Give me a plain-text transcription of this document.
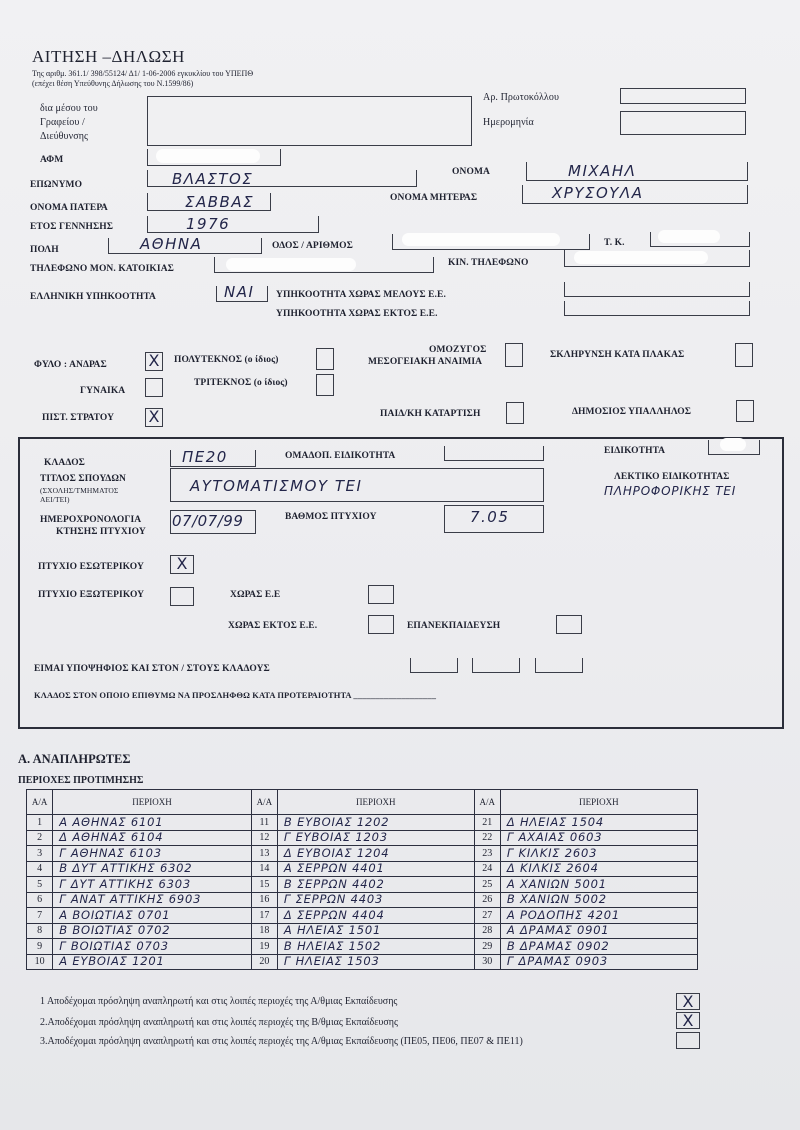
ΑΙΤΗΣΗ –ΔΗΛΩΣΗ
Της αριθμ. 361.1/ 398/55124/ Δ1/ 1-06-2006 εγκυκλίου του ΥΠΕΠΘ
(επέχει θέση Υπεύθυνης Δήλωσης του Ν.1599/86)
δια μέσου του
Γραφείου /
Διεύθυνσης
Αρ. Πρωτοκόλλου
Ημερομηνία
ΑΦΜ
ΕΠΩΝΥΜΟ	ΒΛΑΣΤΟΣ	ΟΝΟΜΑ	ΜΙΧΑΗΛ
ΟΝΟΜΑ ΠΑΤΕΡΑ	ΣΑΒΒΑΣ	ΟΝΟΜΑ ΜΗΤΕΡΑΣ	ΧΡΥΣΟΥΛΑ
ΕΤΟΣ ΓΕΝΝΗΣΗΣ	1976
ΠΟΛΗ	ΑΘΗΝΑ	ΟΔΟΣ / ΑΡΙΘΜΟΣ	Τ. Κ.
ΤΗΛΕΦΩΝΟ ΜΟΝ. ΚΑΤΟΙΚΙΑΣ
ΚΙΝ. ΤΗΛΕΦΩΝΟ
ΕΛΛΗΝΙΚΗ ΥΠΗΚΟΟΤΗΤΑ	ΝΑΙ ΥΠΗΚΟΟΤΗΤΑ ΧΩΡΑΣ ΜΕΛΟΥΣ Ε.Ε.
ΥΠΗΚΟΟΤΗΤΑ ΧΩΡΑΣ ΕΚΤΟΣ Ε.Ε.
ΦΥΛΟ : ΑΝΔΡΑΣ	X
ΓΥΝΑΙΚΑ
ΠΙΣΤ. ΣΤΡΑΤΟΥ X
ΠΟΛΥΤΕΚΝΟΣ (ο ίδιος)
ΤΡΙΤΕΚΝΟΣ (ο ίδιος)
ΟΜΟΖΥΓΟΣ
ΜΕΣΟΓΕΙΑΚΗ ΑΝΑΙΜΙΑ
ΣΚΛΗΡΥΝΣΗ ΚΑΤΑ ΠΛΑΚΑΣ
ΠΑΙΔ/ΚΗ ΚΑΤΑΡΤΙΣΗ	ΔΗΜΟΣΙΟΣ ΥΠΑΛΛΗΛΟΣ
ΚΛΑΔΟΣ	ΠΕ20	ΟΜΑΔΟΠ. ΕΙΔΙΚΟΤΗΤΑ	ΕΙΔΙΚΟΤΗΤΑ
ΤΙΤΛΟΣ ΣΠΟΥΔΩΝ
(ΣΧΟΛΗΣ/ΤΜΗΜΑΤΟΣ
ΑΕΙ/ΤΕΙ)
ΑΥΤΟΜΑΤΙΣΜΟΥ ΤΕΙ	ΛΕΚΤΙΚΟ ΕΙΔΙΚΟΤΗΤΑΣ
ΠΛΗΡΟΦΟΡΙΚΗΣ ΤΕΙ
ΗΜΕΡΟΧΡΟΝΟΛΟΓΙΑ
ΚΤΗΣΗΣ ΠΤΥΧΙΟΥ
07/07/99	ΒΑΘΜΟΣ ΠΤΥΧΙΟΥ	7.05
ΠΤΥΧΙΟ ΕΣΩΤΕΡΙΚΟΥ	X
ΠΤΥΧΙΟ ΕΞΩΤΕΡΙΚΟΥ	ΧΩΡΑΣ Ε.Ε
ΧΩΡΑΣ ΕΚΤΟΣ Ε.Ε.	ΕΠΑΝΕΚΠΑΙΔΕΥΣΗ
ΕΙΜΑΙ ΥΠΟΨΗΦΙΟΣ ΚΑΙ ΣΤΟΝ / ΣΤΟΥΣ ΚΛΑΔΟΥΣ
ΚΛΑΔΟΣ ΣΤΟΝ ΟΠΟΙΟ ΕΠΙΘΥΜΩ ΝΑ ΠΡΟΣΛΗΦΘΩ ΚΑΤΑ ΠΡΟΤΕΡΑΙΟΤΗΤΑ ___________________
Α. ΑΝΑΠΛΗΡΩΤΕΣ
ΠΕΡΙΟΧΕΣ ΠΡΟΤΙΜΗΣΗΣ
Α/Α	ΠΕΡΙΟΧΗ	Α/Α	ΠΕΡΙΟΧΗ	Α/Α	ΠΕΡΙΟΧΗ
1	Α ΑΘΗΝΑΣ 6101	11	Β ΕΥΒΟΙΑΣ 1202	21	Δ ΗΛΕΙΑΣ 1504
2	Δ ΑΘΗΝΑΣ 6104	12	Γ ΕΥΒΟΙΑΣ 1203	22	Γ ΑΧΑΙΑΣ 0603
3	Γ ΑΘΗΝΑΣ 6103	13	Δ ΕΥΒΟΙΑΣ 1204	23	Γ ΚΙΛΚΙΣ 2603
4	Β ΔΥΤ ΑΤΤΙΚΗΣ 6302	14	Α ΣΕΡΡΩΝ 4401	24	Δ ΚΙΛΚΙΣ 2604
5	Γ ΔΥΤ ΑΤΤΙΚΗΣ 6303	15	Β ΣΕΡΡΩΝ 4402	25	Α ΧΑΝΙΩΝ 5001
6	Γ ΑΝΑΤ ΑΤΤΙΚΗΣ 6903	16	Γ ΣΕΡΡΩΝ 4403	26	Β ΧΑΝΙΩΝ 5002
7	Α ΒΟΙΩΤΙΑΣ 0701	17	Δ ΣΕΡΡΩΝ 4404	27	Α ΡΟΔΟΠΗΣ 4201
8	Β ΒΟΙΩΤΙΑΣ 0702	18	Α ΗΛΕΙΑΣ 1501	28	Α ΔΡΑΜΑΣ 0901
9	Γ ΒΟΙΩΤΙΑΣ 0703	19	Β ΗΛΕΙΑΣ 1502	29	Β ΔΡΑΜΑΣ 0902
10	Α ΕΥΒΟΙΑΣ 1201	20	Γ ΗΛΕΙΑΣ 1503	30	Γ ΔΡΑΜΑΣ 0903
1 Αποδέχομαι πρόσληψη αναπληρωτή και στις λοιπές περιοχές της Α/θμιας Εκπαίδευσης	X
2.Αποδέχομαι πρόσληψη αναπληρωτή και στις λοιπές περιοχές της Β/θμιας Εκπαίδευσης	X
3.Αποδέχομαι πρόσληψη αναπληρωτή και στις λοιπές περιοχές της Α/θμιας Εκπαίδευσης (ΠΕ05, ΠΕ06, ΠΕ07 & ΠΕ11)
